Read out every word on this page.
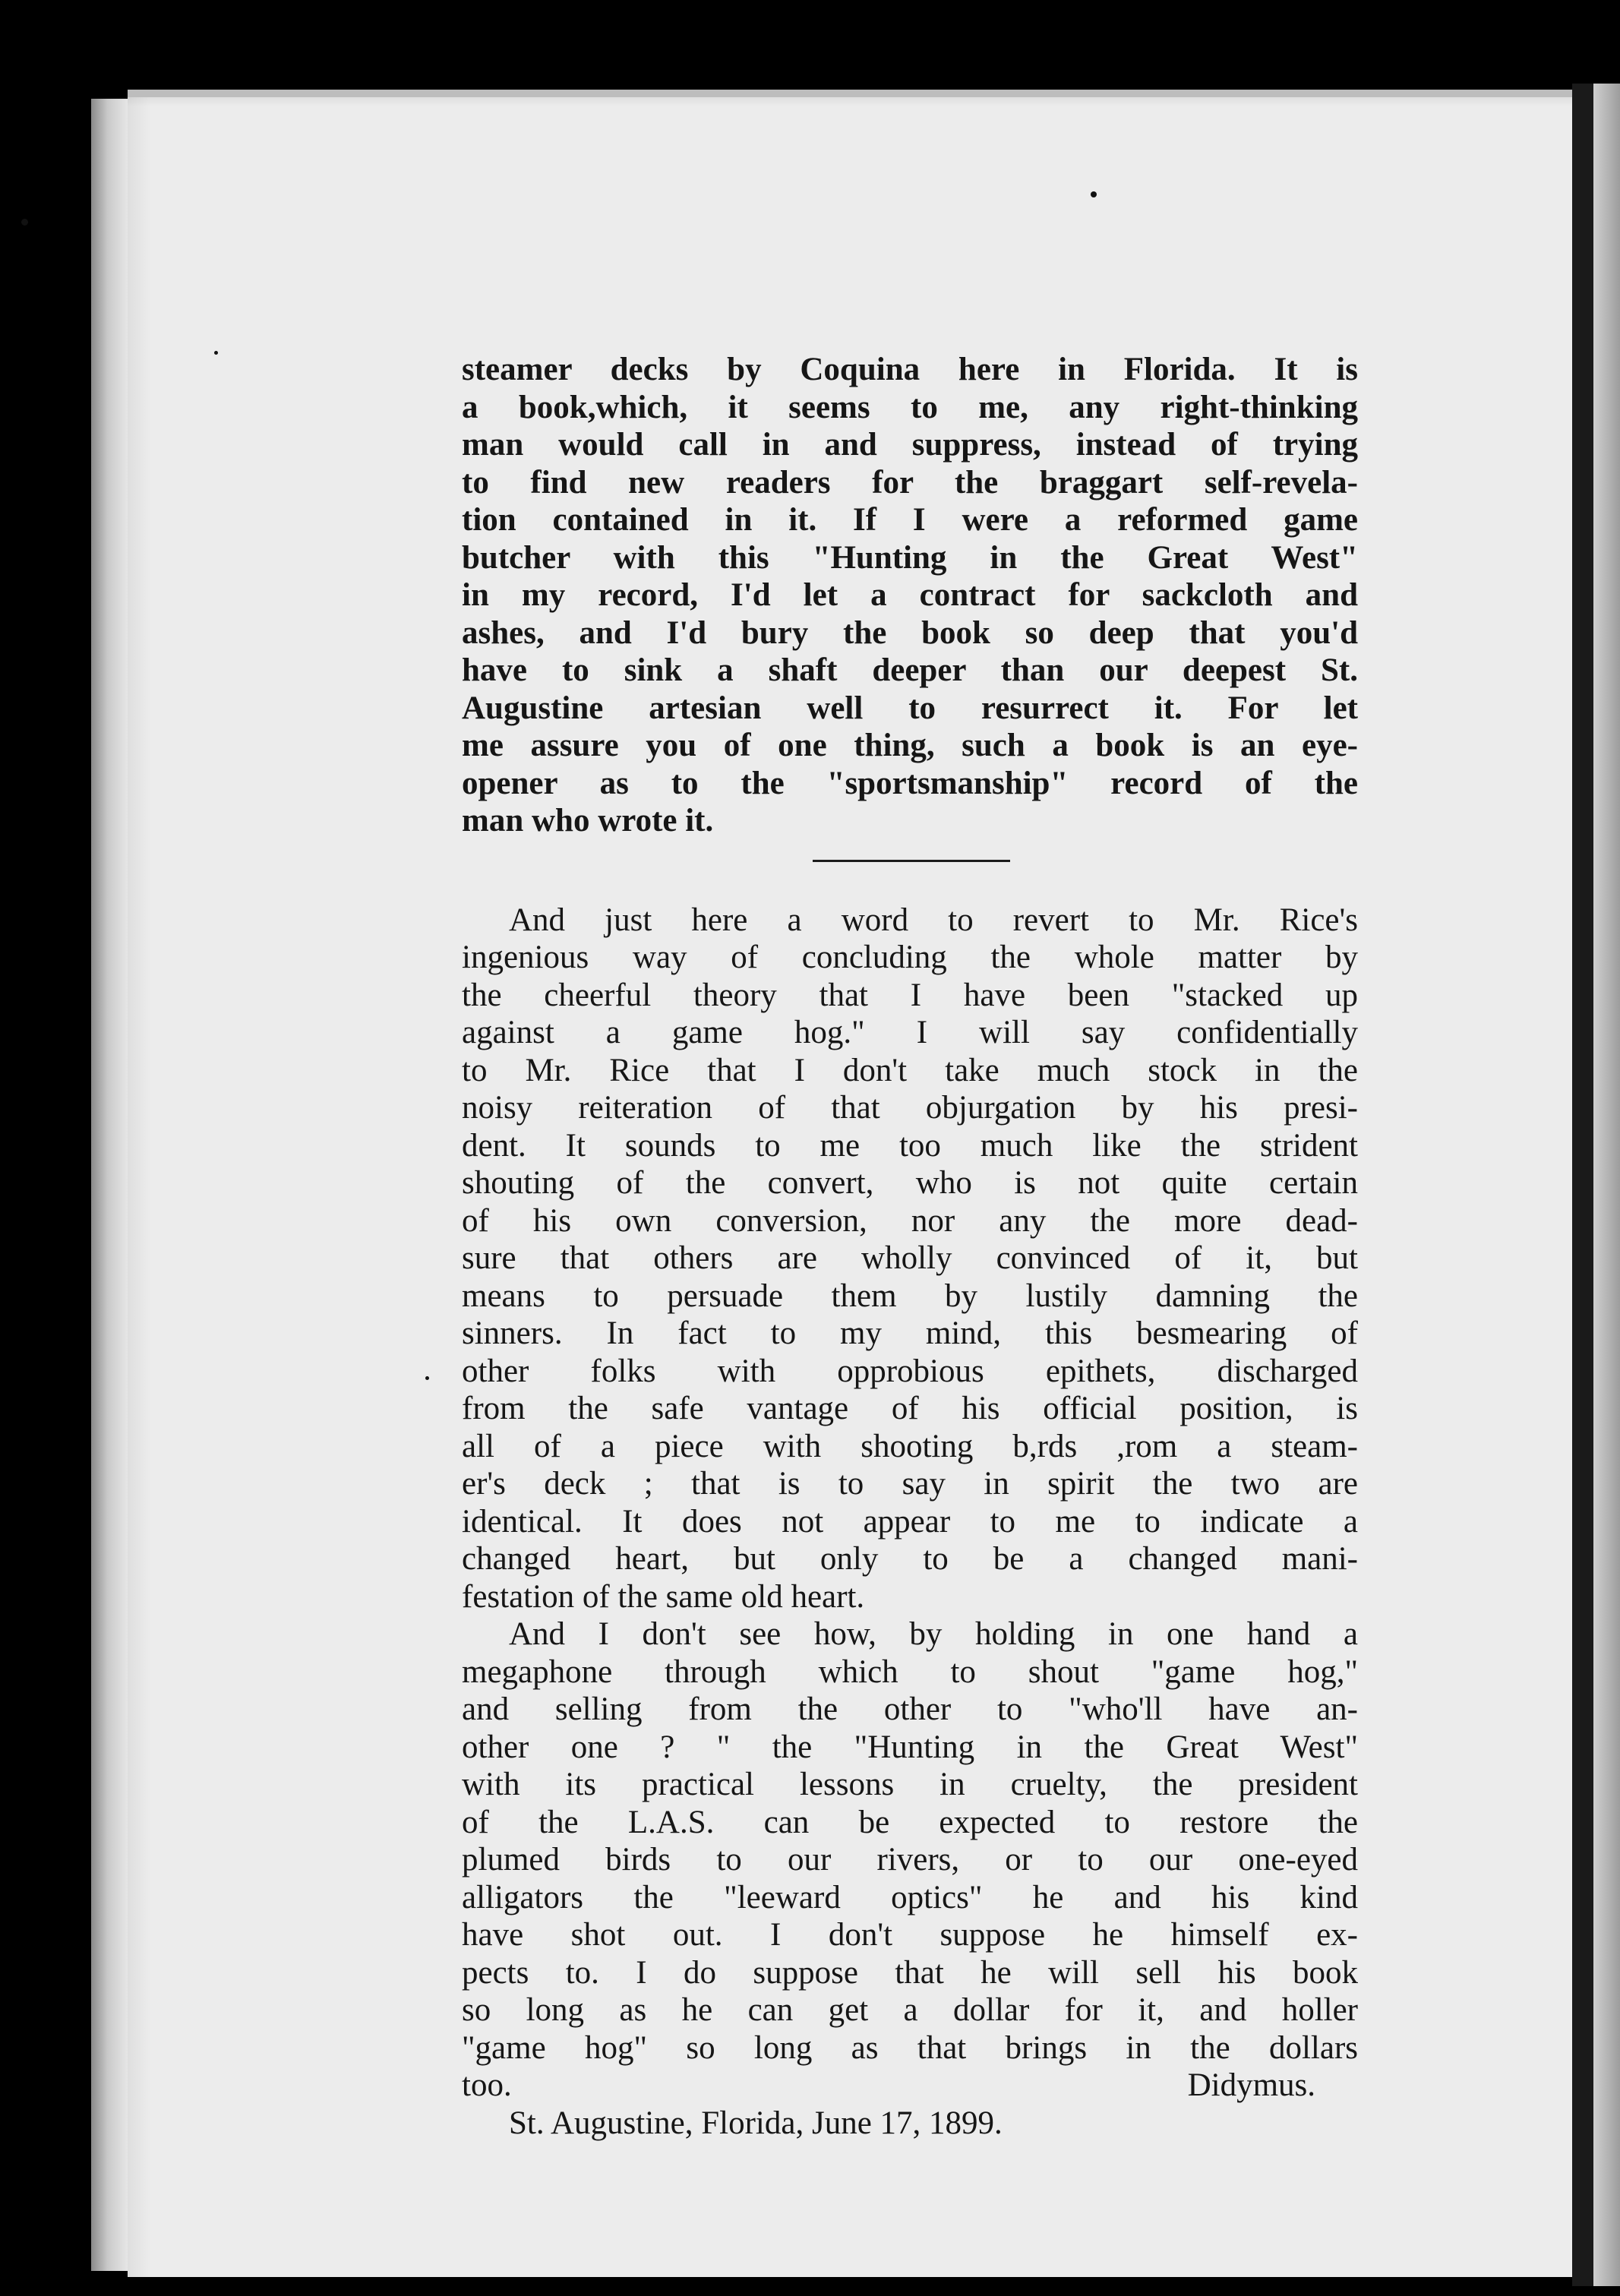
steamer decks by Coquina here in Florida. It is
a book,which, it seems to me, any right-thinking
man would call in and suppress, instead of trying
to find new readers for the braggart self-revela-
tion contained in it. If I were a reformed game
butcher with this "Hunting in the Great West"
in my record, I'd let a contract for sackcloth and
ashes, and I'd bury the book so deep that you'd
have to sink a shaft deeper than our deepest St.
Augustine artesian well to resurrect it. For let
me assure you of one thing, such a book is an eye-
opener as to the "sportsmanship" record of the
man who wrote it.
And just here a word to revert to Mr. Rice's
ingenious way of concluding the whole matter by
the cheerful theory that I have been "stacked up
against a game hog." I will say confidentially
to Mr. Rice that I don't take much stock in the
noisy reiteration of that objurgation by his presi-
dent. It sounds to me too much like the strident
shouting of the convert, who is not quite certain
of his own conversion, nor any the more dead-
sure that others are wholly convinced of it, but
means to persuade them by lustily damning the
sinners. In fact to my mind, this besmearing of
other folks with opprobious epithets, discharged
from the safe vantage of his official position, is
all of a piece with shooting b,rds ,rom a steam-
er's deck ; that is to say in spirit the two are
identical. It does not appear to me to indicate a
changed heart, but only to be a changed mani-
festation of the same old heart.
And I don't see how, by holding in one hand a
megaphone through which to shout "game hog,"
and selling from the other to "who'll have an-
other one ? " the "Hunting in the Great West"
with its practical lessons in cruelty, the president
of the L.A.S. can be expected to restore the
plumed birds to our rivers, or to our one-eyed
alligators the "leeward optics" he and his kind
have shot out. I don't suppose he himself ex-
pects to. I do suppose that he will sell his book
so long as he can get a dollar for it, and holler
"game hog" so long as that brings in the dollars
too.	Didymus.
St. Augustine, Florida, June 17, 1899.
